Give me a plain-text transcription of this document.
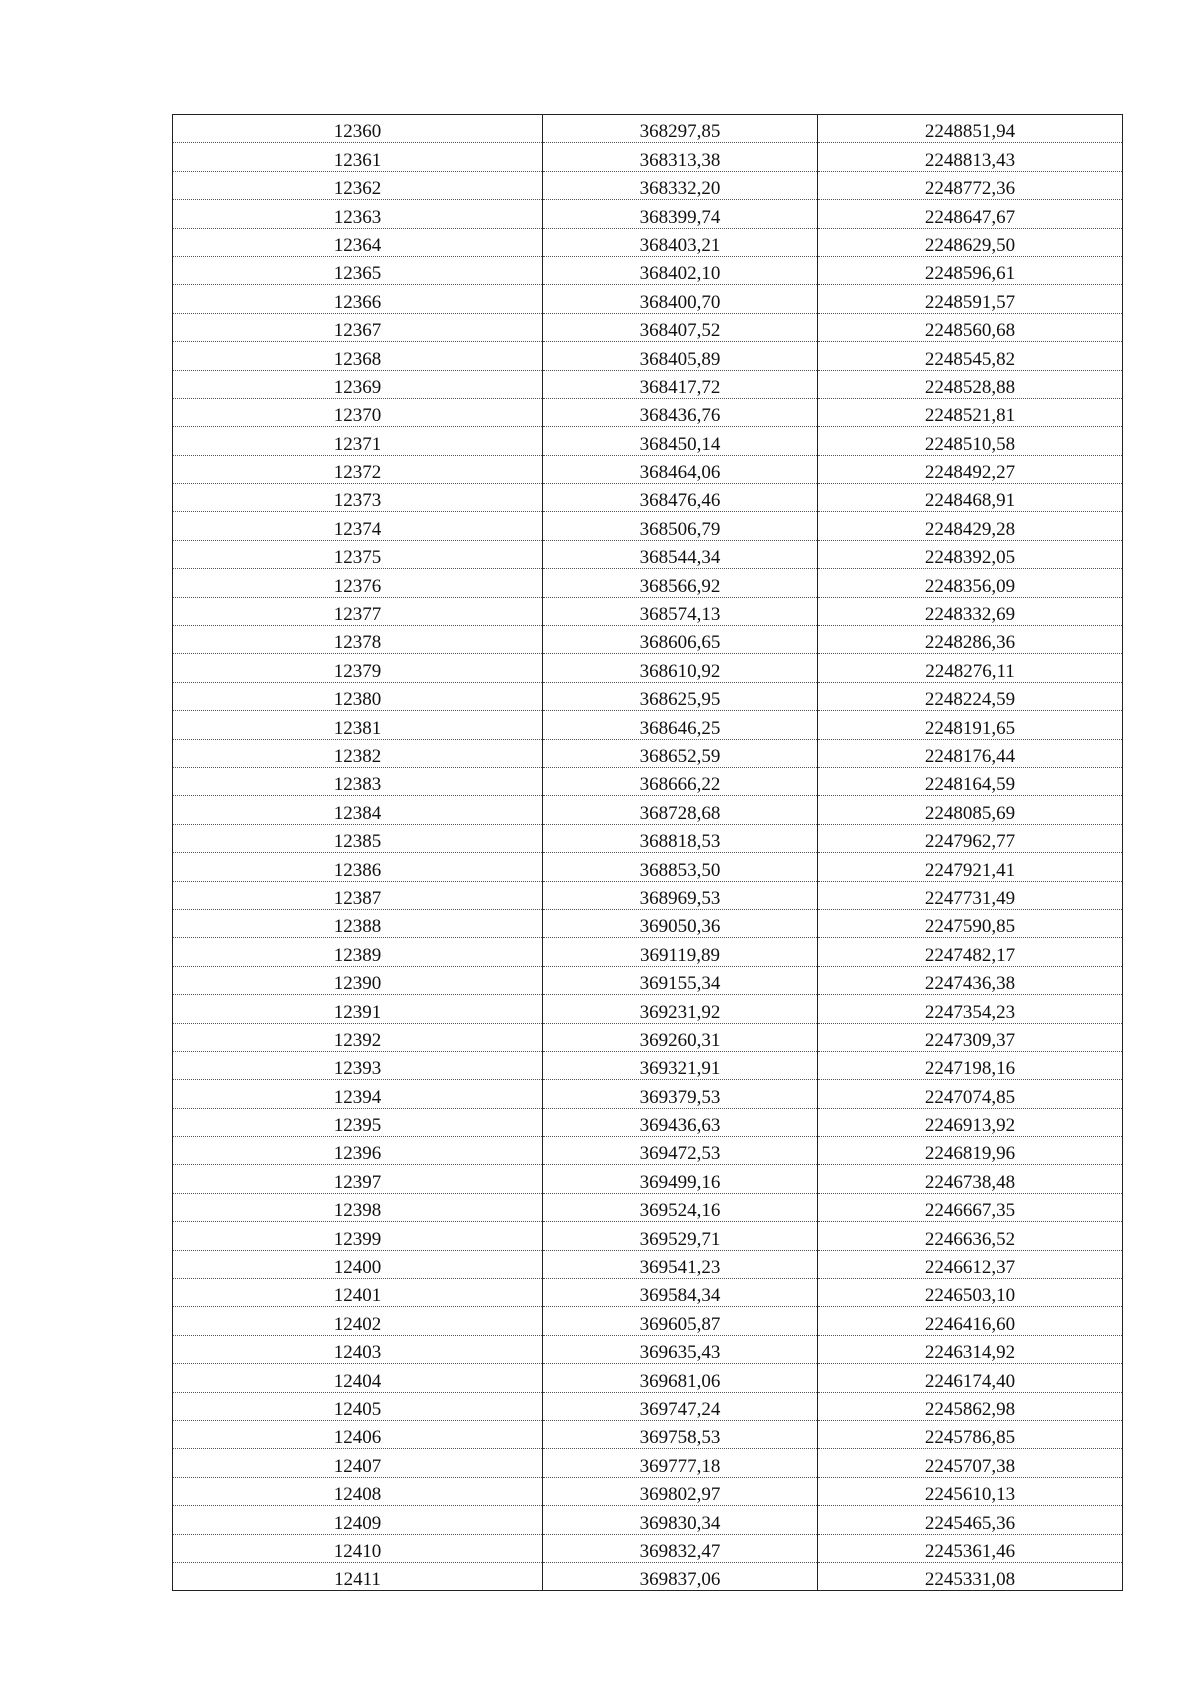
12360	368297,85	2248851,94
12361	368313,38	2248813,43
12362	368332,20	2248772,36
12363	368399,74	2248647,67
12364	368403,21	2248629,50
12365	368402,10	2248596,61
12366	368400,70	2248591,57
12367	368407,52	2248560,68
12368	368405,89	2248545,82
12369	368417,72	2248528,88
12370	368436,76	2248521,81
12371	368450,14	2248510,58
12372	368464,06	2248492,27
12373	368476,46	2248468,91
12374	368506,79	2248429,28
12375	368544,34	2248392,05
12376	368566,92	2248356,09
12377	368574,13	2248332,69
12378	368606,65	2248286,36
12379	368610,92	2248276,11
12380	368625,95	2248224,59
12381	368646,25	2248191,65
12382	368652,59	2248176,44
12383	368666,22	2248164,59
12384	368728,68	2248085,69
12385	368818,53	2247962,77
12386	368853,50	2247921,41
12387	368969,53	2247731,49
12388	369050,36	2247590,85
12389	369119,89	2247482,17
12390	369155,34	2247436,38
12391	369231,92	2247354,23
12392	369260,31	2247309,37
12393	369321,91	2247198,16
12394	369379,53	2247074,85
12395	369436,63	2246913,92
12396	369472,53	2246819,96
12397	369499,16	2246738,48
12398	369524,16	2246667,35
12399	369529,71	2246636,52
12400	369541,23	2246612,37
12401	369584,34	2246503,10
12402	369605,87	2246416,60
12403	369635,43	2246314,92
12404	369681,06	2246174,40
12405	369747,24	2245862,98
12406	369758,53	2245786,85
12407	369777,18	2245707,38
12408	369802,97	2245610,13
12409	369830,34	2245465,36
12410	369832,47	2245361,46
12411	369837,06	2245331,08
